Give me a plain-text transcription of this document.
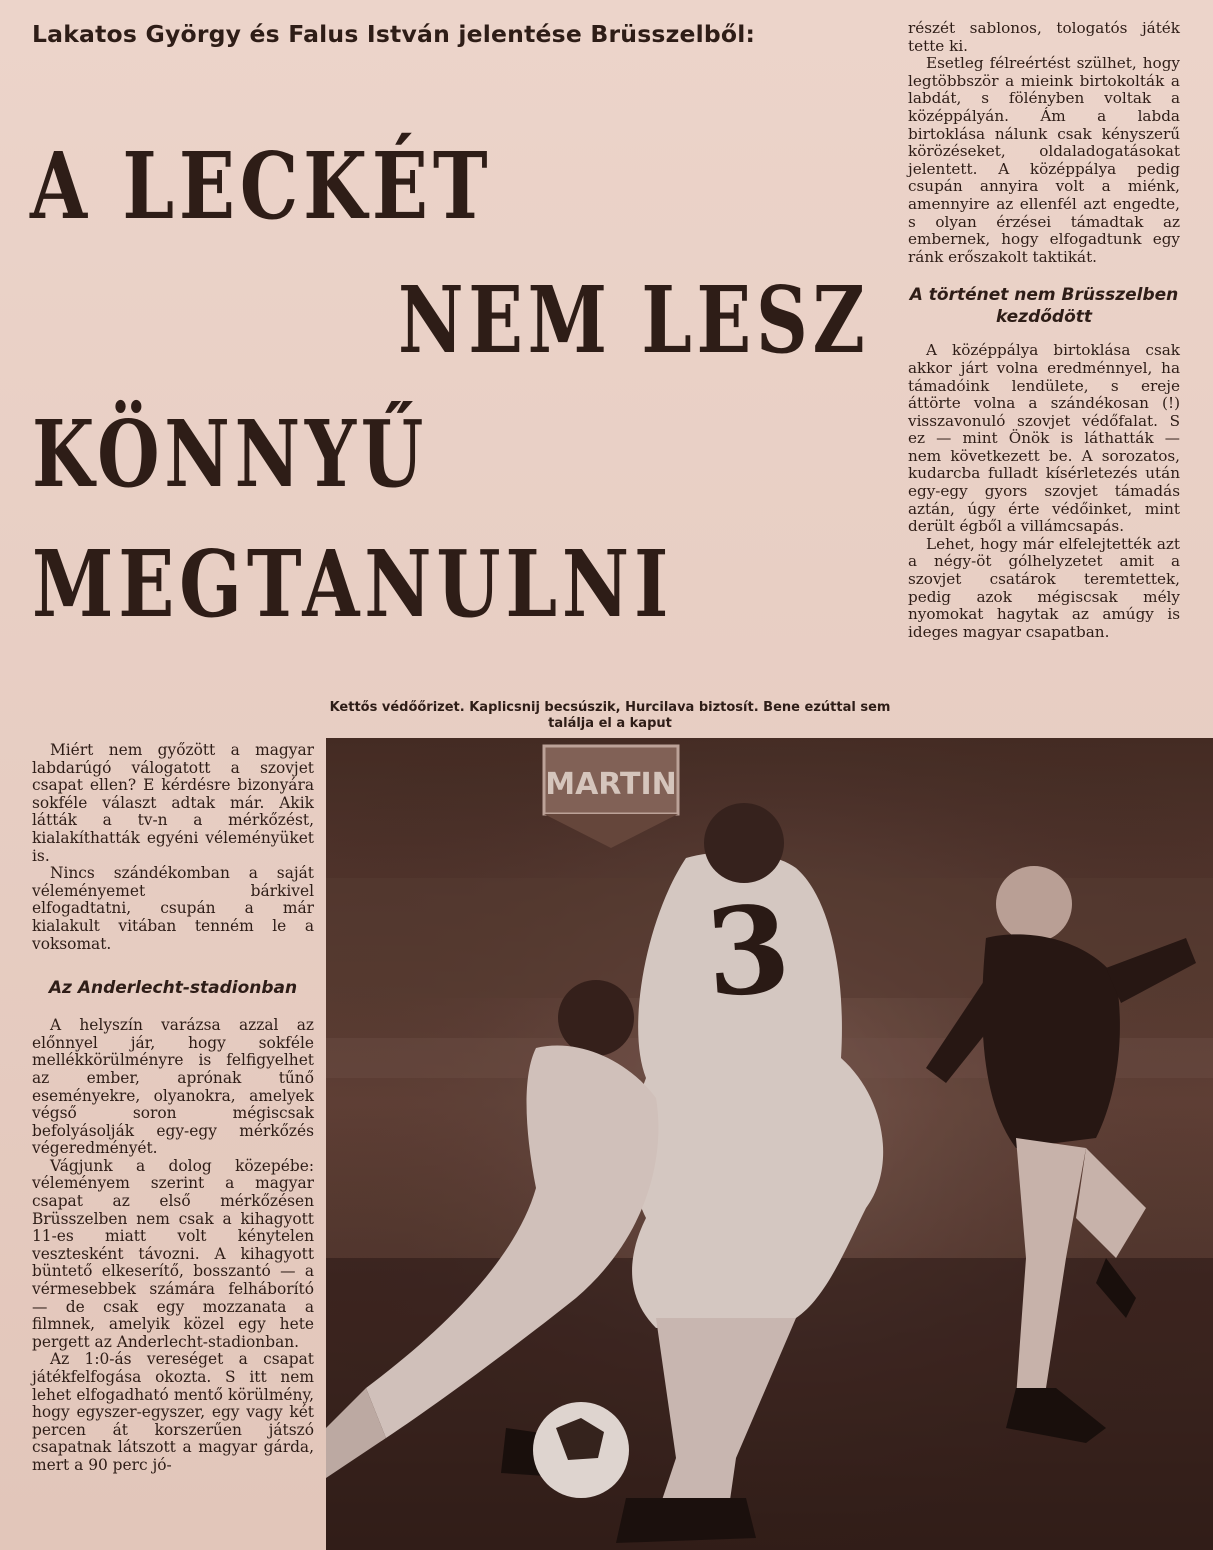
Lakatos György és Falus István jelentése Brüsszelből:
A LECKÉT
NEM LESZ
KÖNNYŰ
MEGTANULNI

részét sablonos, tologatós játék tette ki.

Esetleg félreértést szülhet, hogy legtöbbször a mieink birtokolták a labdát, s fölényben voltak a középpályán. Ám a labda birtoklása nálunk csak kényszerű körözéseket, oldaladogatásokat jelentett. A középpálya pedig csupán annyira volt a miénk, amennyire az ellenfél azt engedte, s olyan érzései támadtak az embernek, hogy elfogadtunk egy ránk erőszakolt taktikát.

A történet nem Brüsszelben kezdődött

A középpálya birtoklása csak akkor járt volna eredménnyel, ha támadóink lendülete, s ereje áttörte volna a szándékosan (!) visszavonuló szovjet védőfalat. S ez — mint Önök is láthatták — nem következett be. A sorozatos, kudarcba fulladt kísérletezés után egy-egy gyors szovjet támadás aztán, úgy érte védőinket, mint derült égből a villámcsapás.

Lehet, hogy már elfelejtették azt a négy-öt gólhelyzetet amit a szovjet csatárok teremtettek, pedig azok mégiscsak mély nyomokat hagytak az amúgy is ideges magyar csapatban.

Kettős védőőrizet. Kaplicsnij becsúszik, Hurcilava biztosít. Bene ezúttal sem találja el a kaput

Miért nem győzött a magyar labdarúgó válogatott a szovjet csapat ellen? E kérdésre bizonyára sokféle választ adtak már. Akik látták a tv-n a mérkőzést, kialakíthatták egyéni véleményüket is.

Nincs szándékomban a saját véleményemet bárkivel elfogadtatni, csupán a már kialakult vitában tenném le a voksomat.

Az Anderlecht-stadionban

A helyszín varázsa azzal az előnnyel jár, hogy sokféle mellékkörülményre is felfigyelhet az ember, aprónak tűnő eseményekre, olyanokra, amelyek végső soron mégiscsak befolyásolják egy-egy mérkőzés végeredményét.

Vágjunk a dolog közepébe: véleményem szerint a magyar csapat az első mérkőzésen Brüsszelben nem csak a kihagyott 11-es miatt volt kénytelen vesztesként távozni. A kihagyott büntető elkeserítő, bosszantó — a vérmesebbek számára felháborító — de csak egy mozzanata a filmnek, amelyik közel egy hete pergett az Anderlecht-stadionban.

Az 1:0-ás vereséget a csapat játékfelfogása okozta. S itt nem lehet elfogadható mentő körülmény, hogy egyszer-egyszer, egy vagy két percen át korszerűen játszó csapatnak látszott a magyar gárda, mert a 90 perc jó-

MARTIN
3
